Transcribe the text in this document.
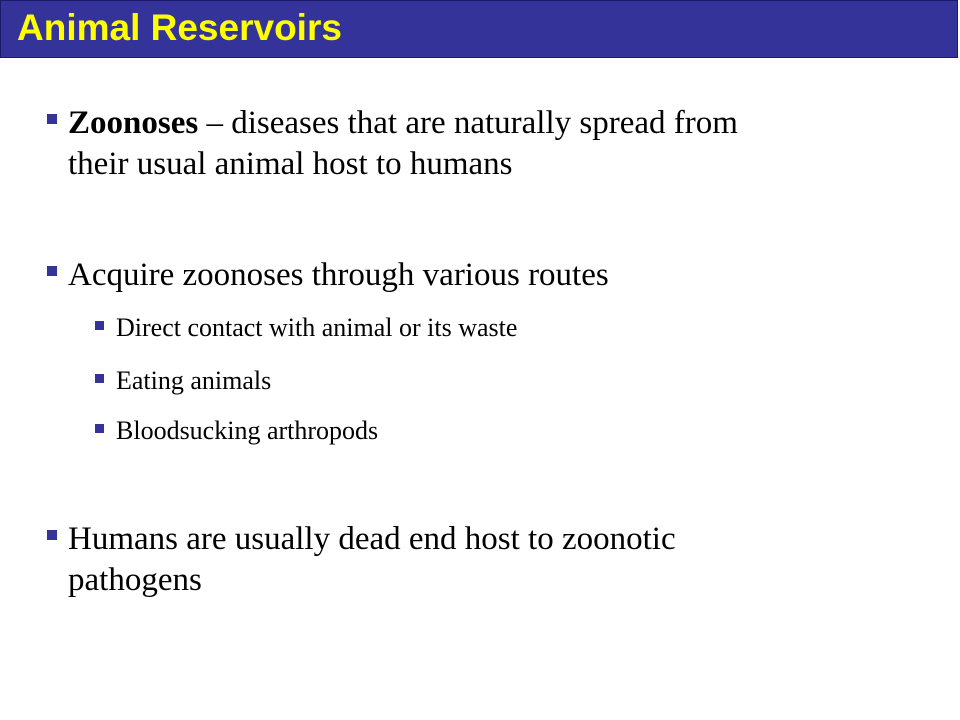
Animal Reservoirs
Zoonoses – diseases that are naturally spread from
their usual animal host to humans
Acquire zoonoses through various routes
Direct contact with animal or its waste
Eating animals
Bloodsucking arthropods
Humans are usually dead end host to zoonotic
pathogens
